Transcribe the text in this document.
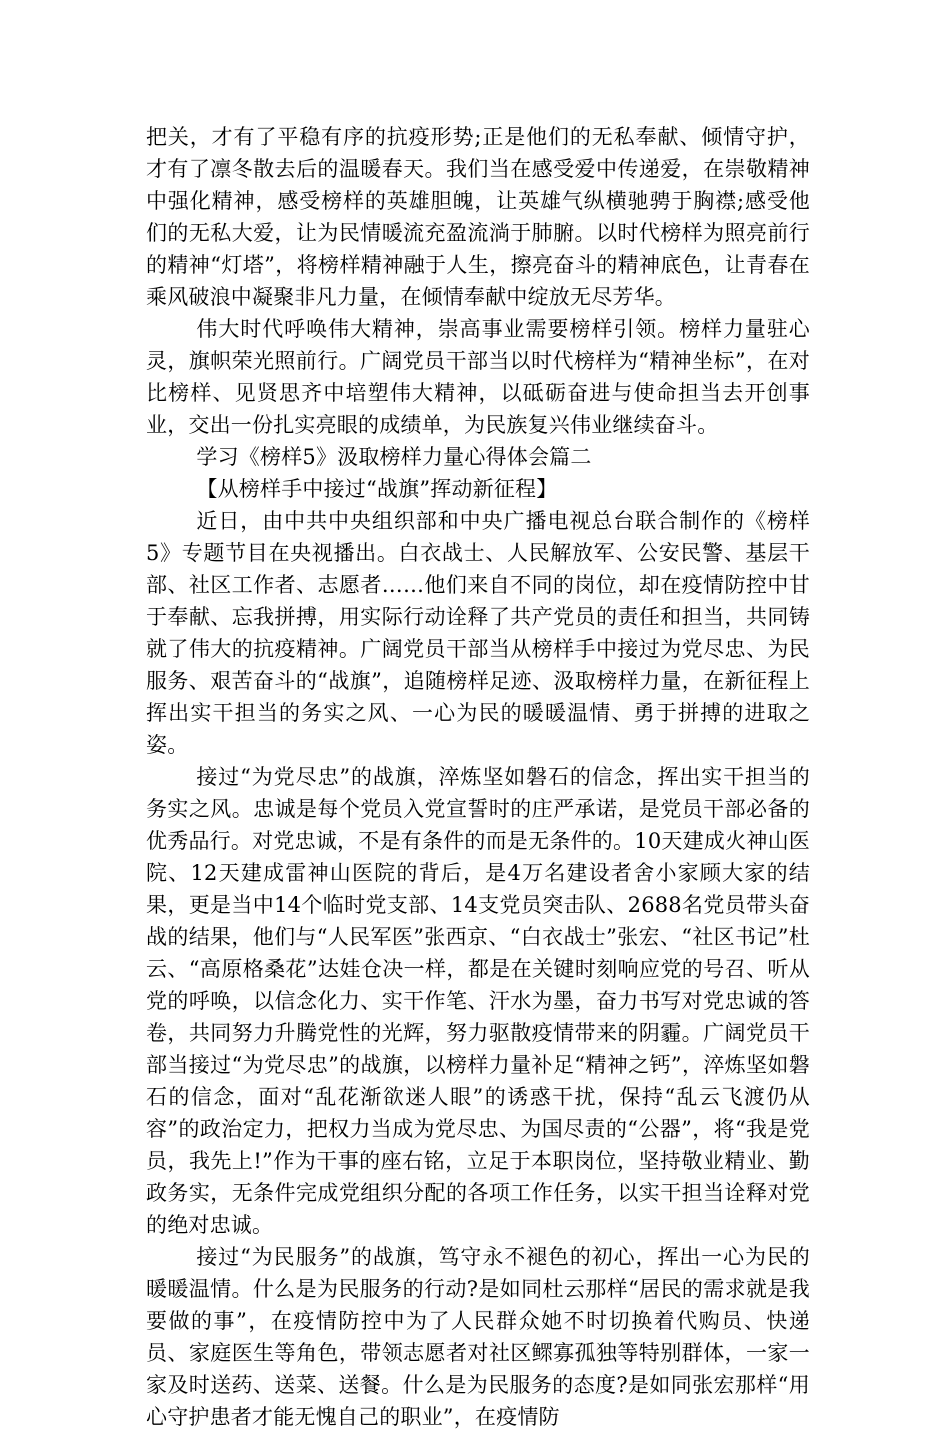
把关，才有了平稳有序的抗疫形势;正是他们的无私奉献、倾情守护，才有了凛冬散去后的温暖春天。我们当在感受爱中传递爱，在崇敬精神中强化精神，感受榜样的英雄胆魄，让英雄气纵横驰骋于胸襟;感受他们的无私大爱，让为民情暖流充盈流淌于肺腑。以时代榜样为照亮前行的精神“灯塔”，将榜样精神融于人生，擦亮奋斗的精神底色，让青春在乘风破浪中凝聚非凡力量，在倾情奉献中绽放无尽芳华。

伟大时代呼唤伟大精神，崇高事业需要榜样引领。榜样力量驻心灵，旗帜荣光照前行。广阔党员干部当以时代榜样为“精神坐标”，在对比榜样、见贤思齐中培塑伟大精神，以砥砺奋进与使命担当去开创事业，交出一份扎实亮眼的成绩单，为民族复兴伟业继续奋斗。

学习《榜样5》汲取榜样力量心得体会篇二

【从榜样手中接过“战旗”挥动新征程】

近日，由中共中央组织部和中央广播电视总台联合制作的《榜样5》专题节目在央视播出。白衣战士、人民解放军、公安民警、基层干部、社区工作者、志愿者……他们来自不同的岗位，却在疫情防控中甘于奉献、忘我拼搏，用实际行动诠释了共产党员的责任和担当，共同铸就了伟大的抗疫精神。广阔党员干部当从榜样手中接过为党尽忠、为民服务、艰苦奋斗的“战旗”，追随榜样足迹、汲取榜样力量，在新征程上挥出实干担当的务实之风、一心为民的暖暖温情、勇于拼搏的进取之姿。

接过“为党尽忠”的战旗，淬炼坚如磐石的信念，挥出实干担当的务实之风。忠诚是每个党员入党宣誓时的庄严承诺，是党员干部必备的优秀品行。对党忠诚，不是有条件的而是无条件的。10天建成火神山医院、12天建成雷神山医院的背后，是4万名建设者舍小家顾大家的结果，更是当中14个临时党支部、14支党员突击队、2688名党员带头奋战的结果，他们与“人民军医”张西京、“白衣战士”张宏、“社区书记”杜云、“高原格桑花”达娃仓决一样，都是在关键时刻响应党的号召、听从党的呼唤，以信念化力、实干作笔、汗水为墨，奋力书写对党忠诚的答卷，共同努力升腾党性的光辉，努力驱散疫情带来的阴霾。广阔党员干部当接过“为党尽忠”的战旗，以榜样力量补足“精神之钙”，淬炼坚如磐石的信念，面对“乱花渐欲迷人眼”的诱惑干扰，保持“乱云飞渡仍从容”的政治定力，把权力当成为党尽忠、为国尽责的“公器”，将“我是党员，我先上!”作为干事的座右铭，立足于本职岗位，坚持敬业精业、勤政务实，无条件完成党组织分配的各项工作任务，以实干担当诠释对党的绝对忠诚。

接过“为民服务”的战旗，笃守永不褪色的初心，挥出一心为民的暖暖温情。什么是为民服务的行动?是如同杜云那样“居民的需求就是我要做的事”，在疫情防控中为了人民群众她不时切换着代购员、快递员、家庭医生等角色，带领志愿者对社区鳏寡孤独等特别群体，一家一家及时送药、送菜、送餐。什么是为民服务的态度?是如同张宏那样“用心守护患者才能无愧自己的职业”，在疫情防
